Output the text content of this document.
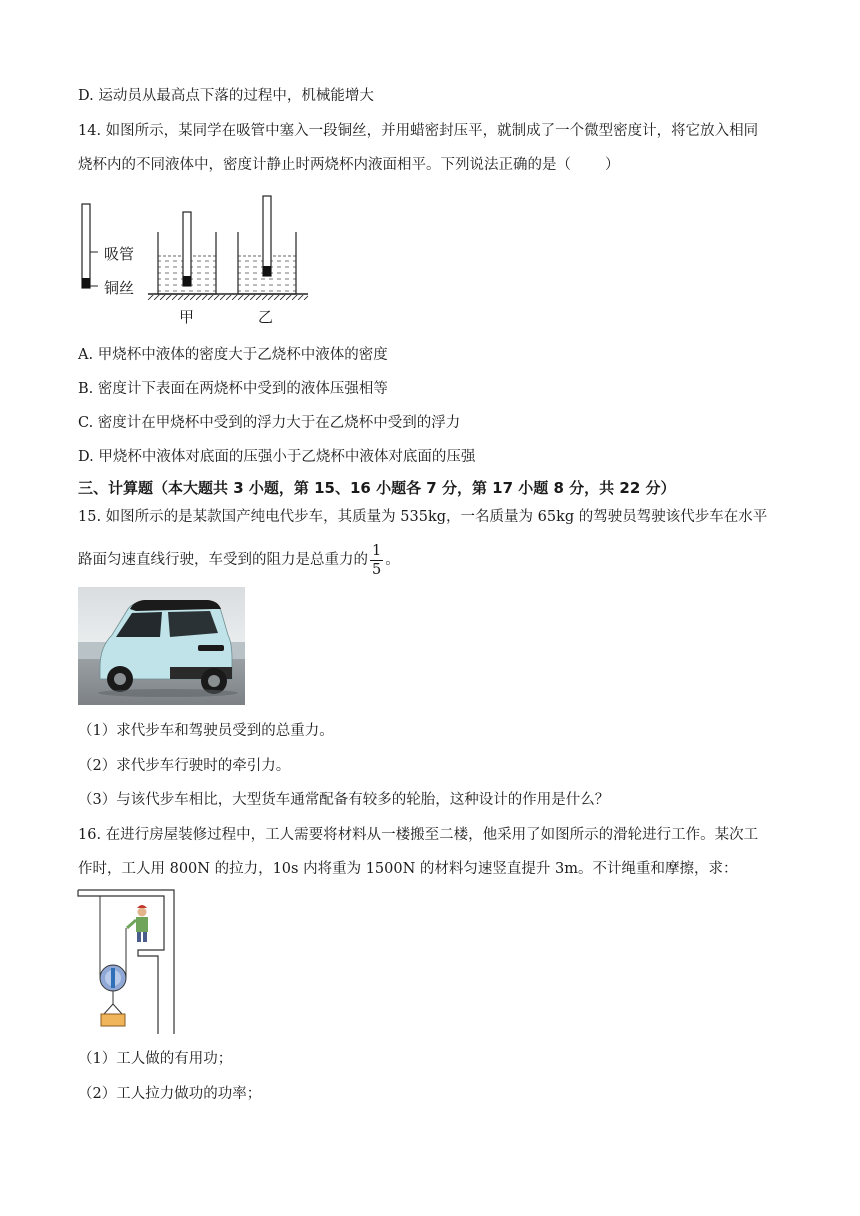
D. 运动员从最高点下落的过程中，机械能增大
14. 如图所示，某同学在吸管中塞入一段铜丝，并用蜡密封压平，就制成了一个微型密度计，将它放入相同
烧杯内的不同液体中，密度计静止时两烧杯内液面相平。下列说法正确的是（ ）
吸管
铜丝
甲	乙
A. 甲烧杯中液体的密度大于乙烧杯中液体的密度
B. 密度计下表面在两烧杯中受到的液体压强相等
C. 密度计在甲烧杯中受到的浮力大于在乙烧杯中受到的浮力
D. 甲烧杯中液体对底面的压强小于乙烧杯中液体对底面的压强
三、计算题（本大题共 3 小题，第 15、16 小题各 7 分，第 17 小题 8 分，共 22 分）
15. 如图所示的是某款国产纯电代步车，其质量为 535kg，一名质量为 65kg 的驾驶员驾驶该代步车在水平
路面匀速直线行驶，车受到的阻力是总重力的 $\frac{1}{5}$ 。
（1）求代步车和驾驶员受到的总重力。
（2）求代步车行驶时的牵引力。
（3）与该代步车相比，大型货车通常配备有较多的轮胎，这种设计的作用是什么？
16. 在进行房屋装修过程中，工人需要将材料从一楼搬至二楼，他采用了如图所示的滑轮进行工作。某次工
作时，工人用 800N 的拉力，10s 内将重为 1500N 的材料匀速竖直提升 3m。不计绳重和摩擦，求：
（1）工人做的有用功；
（2）工人拉力做功的功率；
